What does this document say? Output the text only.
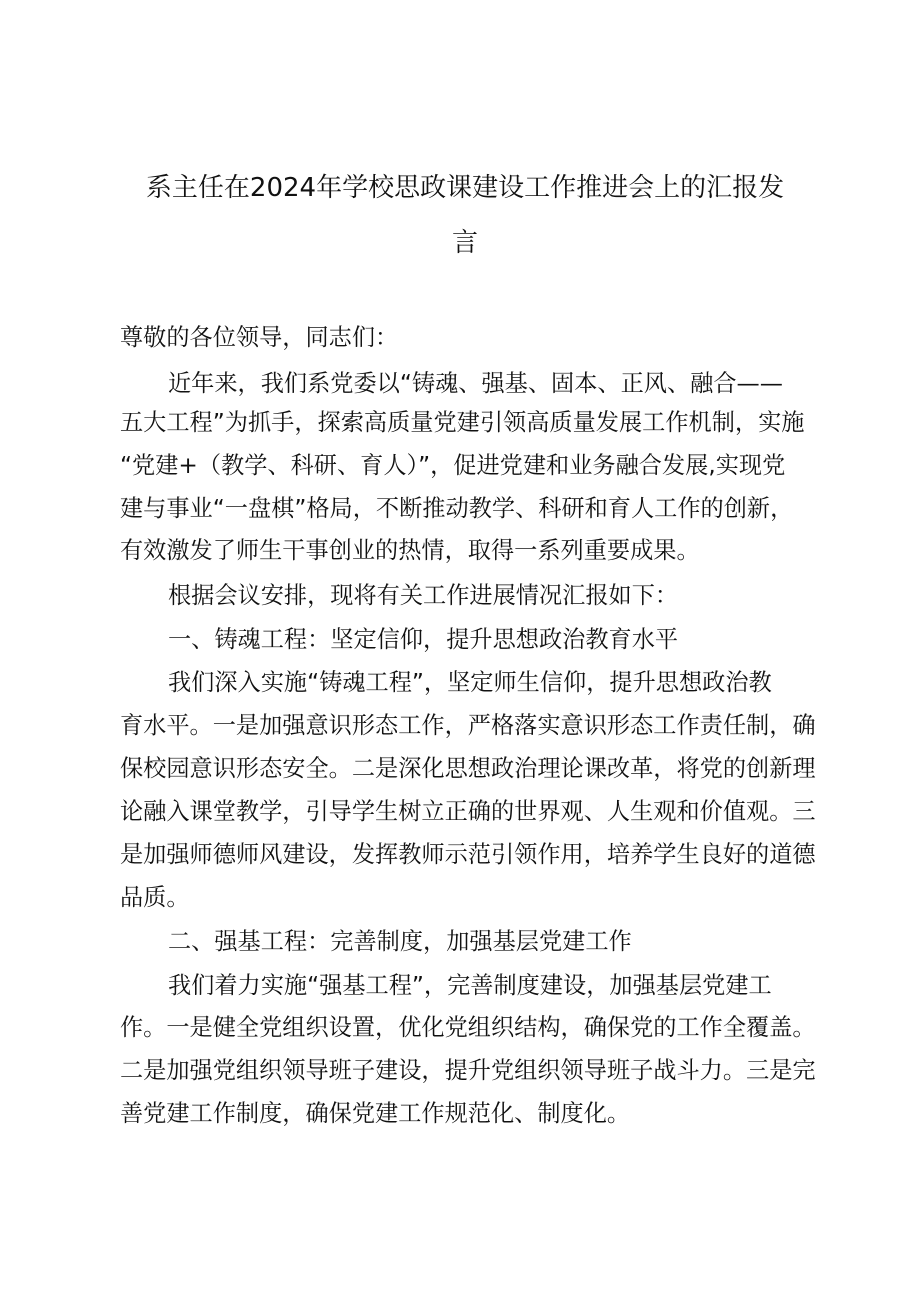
系主任在2024年学校思政课建设工作推进会上的汇报发
言

尊敬的各位领导，同志们：

近年来，我们系党委以“铸魂、强基、固本、正风、融合——

五大工程”为抓手，探索高质量党建引领高质量发展工作机制，实施

“党建+（教学、科研、育人）”，促进党建和业务融合发展,实现党

建与事业“一盘棋”格局，不断推动教学、科研和育人工作的创新，

有效激发了师生干事创业的热情，取得一系列重要成果。

根据会议安排，现将有关工作进展情况汇报如下：

一、铸魂工程：坚定信仰，提升思想政治教育水平

我们深入实施“铸魂工程”，坚定师生信仰，提升思想政治教

育水平。一是加强意识形态工作，严格落实意识形态工作责任制，确

保校园意识形态安全。二是深化思想政治理论课改革，将党的创新理

论融入课堂教学，引导学生树立正确的世界观、人生观和价值观。三

是加强师德师风建设，发挥教师示范引领作用，培养学生良好的道德

品质。

二、强基工程：完善制度，加强基层党建工作

我们着力实施“强基工程”，完善制度建设，加强基层党建工

作。一是健全党组织设置，优化党组织结构，确保党的工作全覆盖。

二是加强党组织领导班子建设，提升党组织领导班子战斗力。三是完

善党建工作制度，确保党建工作规范化、制度化。
